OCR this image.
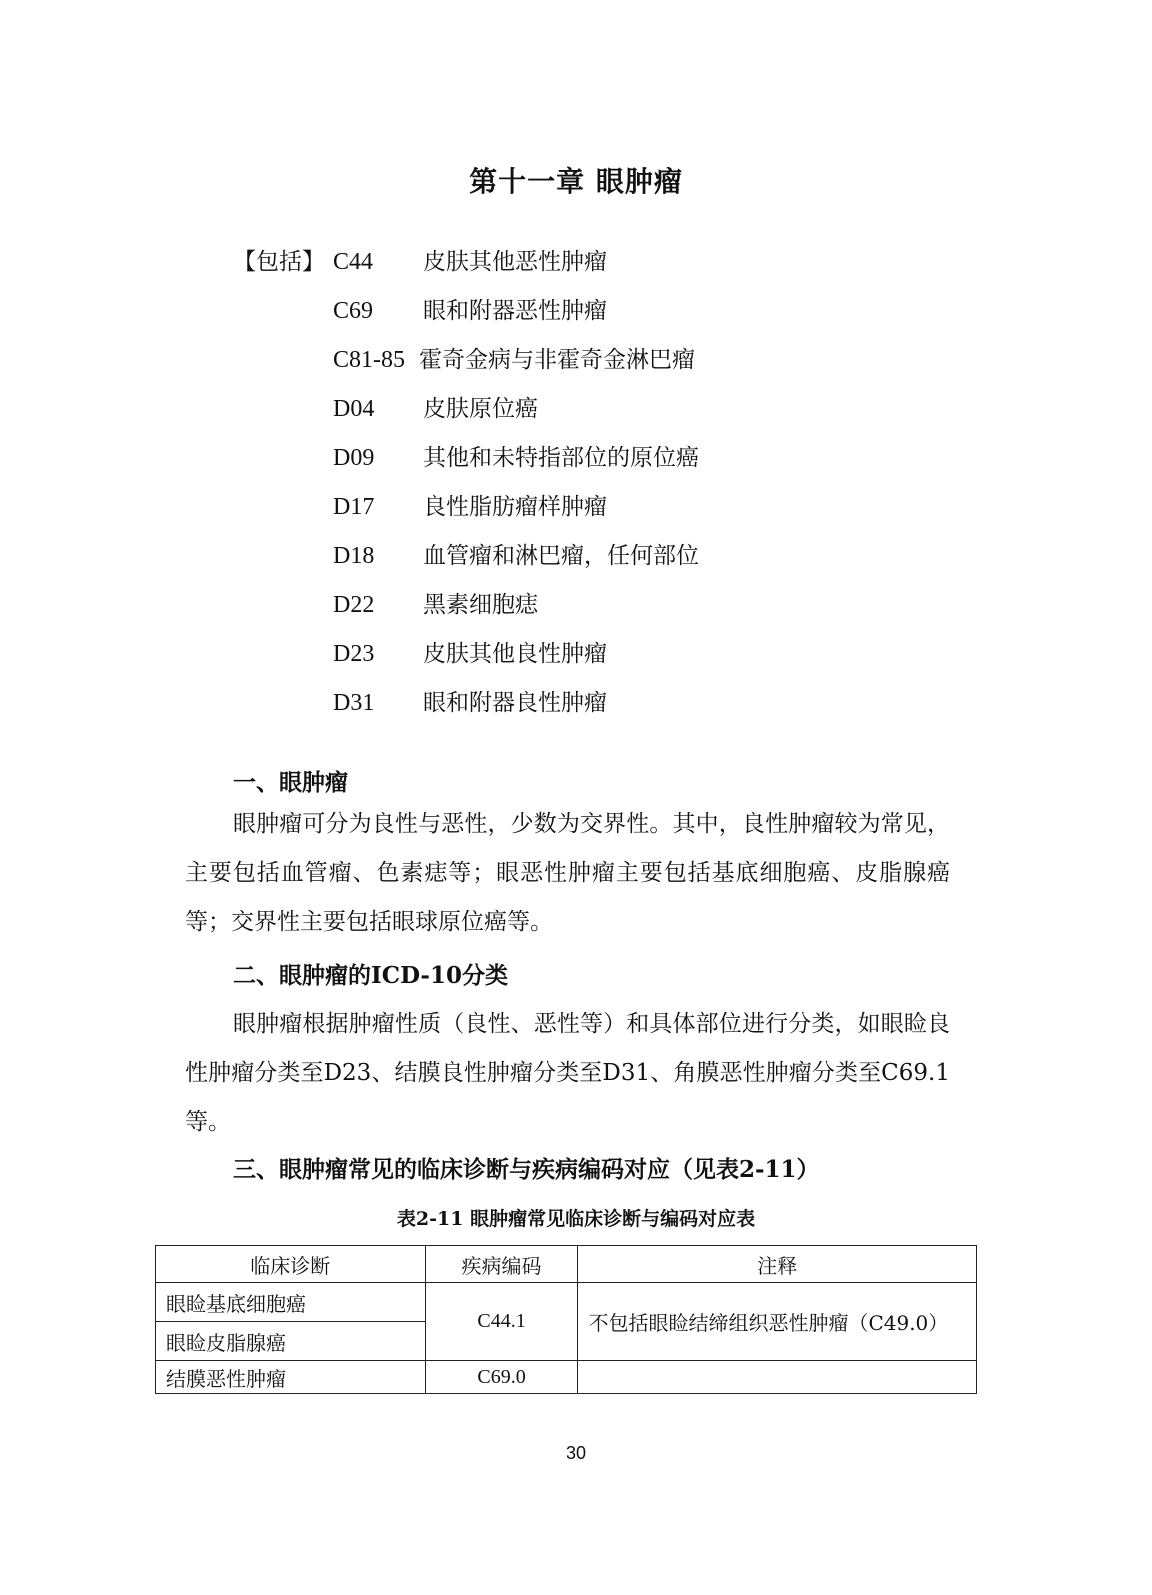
第十一章 眼肿瘤
【包括】 C44 皮肤其他恶性肿瘤
C69 眼和附器恶性肿瘤
C81-85 霍奇金病与非霍奇金淋巴瘤
D04 皮肤原位癌
D09 其他和未特指部位的原位癌
D17 良性脂肪瘤样肿瘤
D18 血管瘤和淋巴瘤，任何部位
D22 黑素细胞痣
D23 皮肤其他良性肿瘤
D31 眼和附器良性肿瘤
一、眼肿瘤

眼肿瘤可分为良性与恶性，少数为交界性。其中，良性肿瘤较为常见，主要包括血管瘤、色素痣等；眼恶性肿瘤主要包括基底细胞癌、皮脂腺癌等；交界性主要包括眼球原位癌等。

二、眼肿瘤的ICD-10分类

眼肿瘤根据肿瘤性质（良性、恶性等）和具体部位进行分类，如眼睑良性肿瘤分类至D23、结膜良性肿瘤分类至D31、角膜恶性肿瘤分类至C69.1等。

三、眼肿瘤常见的临床诊断与疾病编码对应（见表2-11）
表2-11 眼肿瘤常见临床诊断与编码对应表
临床诊断	疾病编码	注释
眼睑基底细胞癌	C44.1	不包括眼睑结缔组织恶性肿瘤（C49.0）
眼睑皮脂腺癌		
结膜恶性肿瘤	C69.0	
30
